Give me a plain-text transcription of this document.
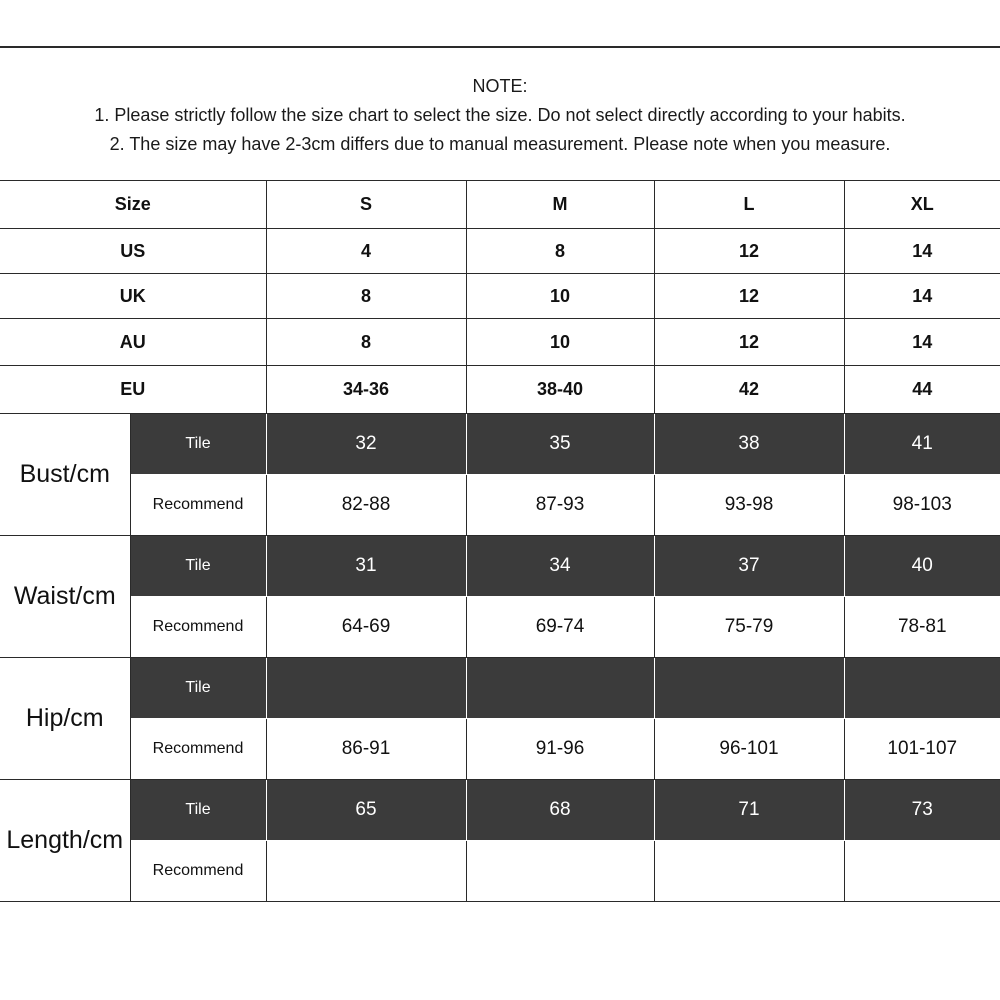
NOTE:
1. Please strictly follow the size chart to select the size. Do not select directly according to your habits.
2. The size may have 2-3cm differs due to manual measurement. Please note when you measure.
Size		S	M	L	XL
US		4	8	12	14
UK		8	10	12	14
AU		8	10	12	14
EU		34-36	38-40	42	44
Bust/cm	Tile	32	35	38	41
	Recommend	82-88	87-93	93-98	98-103
Waist/cm	Tile	31	34	37	40
	Recommend	64-69	69-74	75-79	78-81
Hip/cm	Tile				
	Recommend	86-91	91-96	96-101	101-107
Length/cm	Tile	65	68	71	73
	Recommend				
